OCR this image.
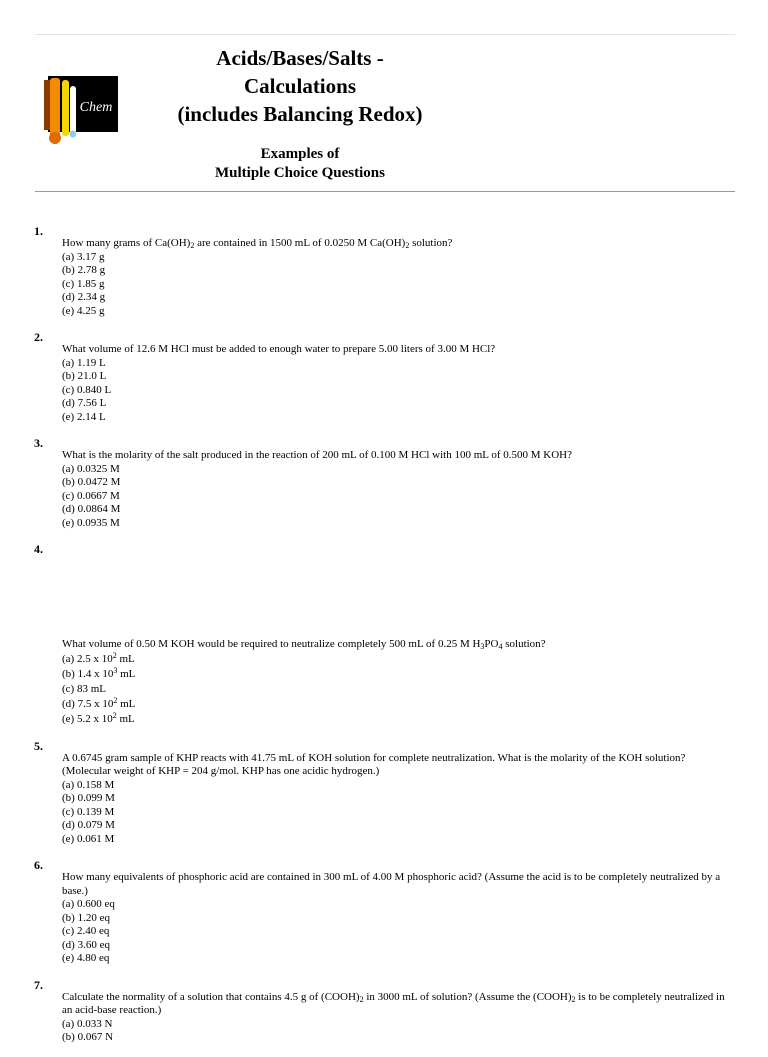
Chem
Acids/Bases/Salts -
Calculations
(includes Balancing Redox)
Examples of
Multiple Choice Questions
1.
How many grams of $Ca(OH)_2$ are contained in 1500 mL of 0.0250 M $Ca(OH)_2$ solution?
(a) 3.17 g
(b) 2.78 g
(c) 1.85 g
(d) 2.34 g
(e) 4.25 g
2.
What volume of 12.6 M HCl must be added to enough water to prepare 5.00 liters of 3.00 M HCl?
(a) 1.19 L
(b) 21.0 L
(c) 0.840 L
(d) 7.56 L
(e) 2.14 L
3.
What is the molarity of the salt produced in the reaction of 200 mL of 0.100 M HCl with 100 mL of 0.500 M KOH?
(a) 0.0325 M
(b) 0.0472 M
(c) 0.0667 M
(d) 0.0864 M
(e) 0.0935 M
4.
What volume of 0.50 M KOH would be required to neutralize completely 500 mL of 0.25 M $H_3PO_4$ solution?
(a) 2.5 x $10^2$ mL
(b) 1.4 x $10^3$ mL
(c) 83 mL
(d) 7.5 x $10^2$ mL
(e) 5.2 x $10^2$ mL
5.
A 0.6745 gram sample of KHP reacts with 41.75 mL of KOH solution for complete neutralization. What is the molarity of the KOH solution?
(Molecular weight of KHP = 204 g/mol. KHP has one acidic hydrogen.)
(a) 0.158 M
(b) 0.099 M
(c) 0.139 M
(d) 0.079 M
(e) 0.061 M
6.
How many equivalents of phosphoric acid are contained in 300 mL of 4.00 M phosphoric acid? (Assume the acid is to be completely neutralized by a base.)
(a) 0.600 eq
(b) 1.20 eq
(c) 2.40 eq
(d) 3.60 eq
(e) 4.80 eq
7.
Calculate the normality of a solution that contains 4.5 g of $(COOH)_2$ in 3000 mL of solution? (Assume the $(COOH)_2$ is to be completely neutralized in an acid-base reaction.)
(a) 0.033 N
(b) 0.067 N
